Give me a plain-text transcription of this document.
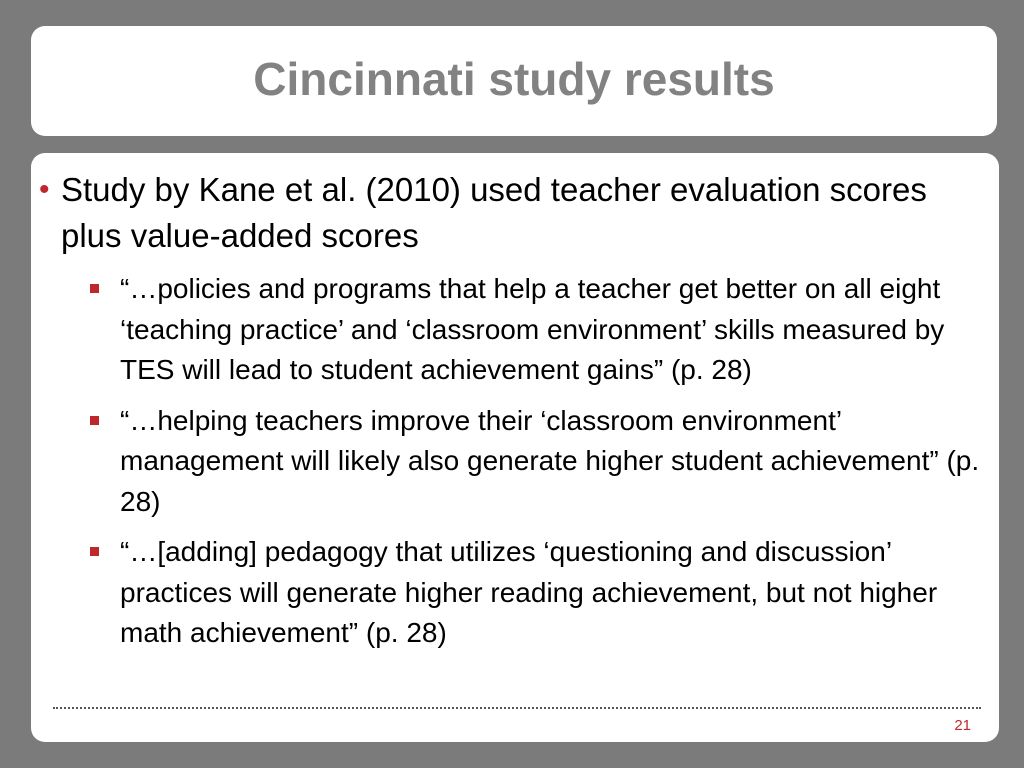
Cincinnati study results
• Study by Kane et al. (2010) used teacher evaluation scores plus value-added scores
“…policies and programs that help a teacher get better on all eight ‘teaching practice’ and ‘classroom environment’ skills measured by TES will lead to student achievement gains” (p. 28)
“…helping teachers improve their ‘classroom environment’ management will likely also generate higher student achievement” (p. 28)
“…[adding] pedagogy that utilizes ‘questioning and discussion’ practices will generate higher reading achievement, but not higher math achievement” (p. 28)
21
